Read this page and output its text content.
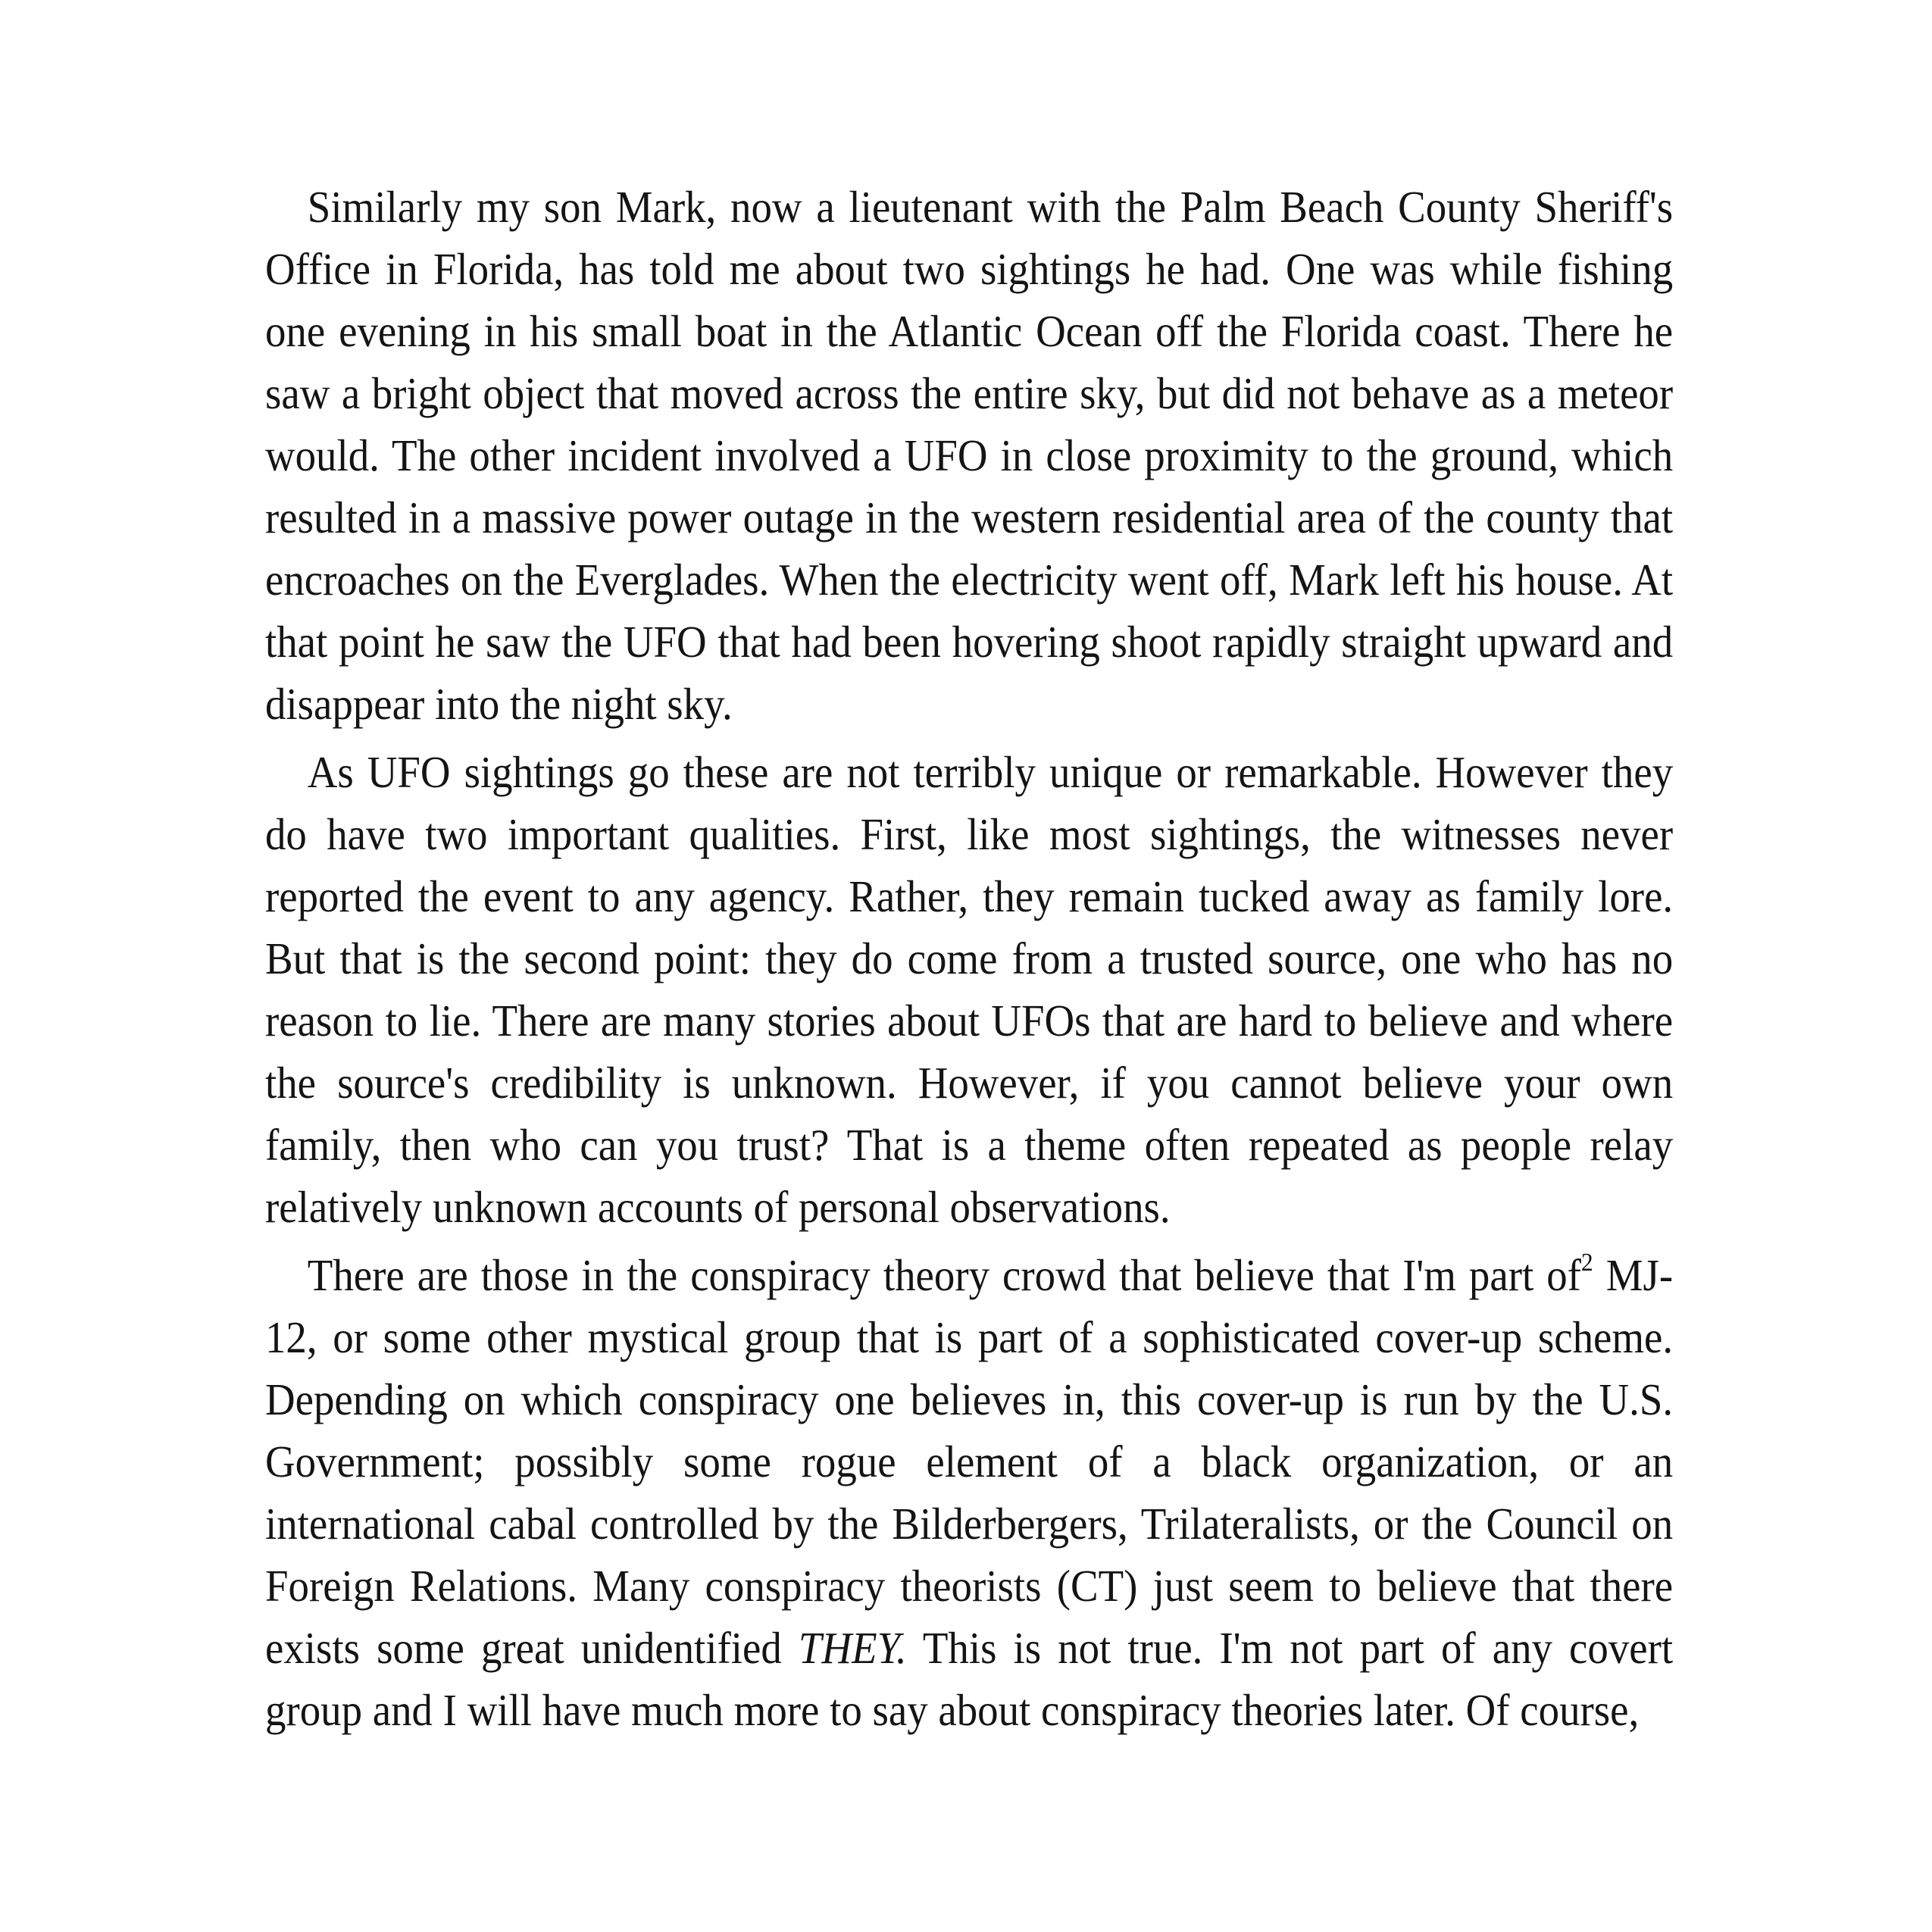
Similarly my son Mark, now a lieutenant with the Palm Beach County Sheriff's Office in Florida, has told me about two sightings he had. One was while fishing one evening in his small boat in the Atlantic Ocean off the Florida coast. There he saw a bright object that moved across the entire sky, but did not behave as a meteor would. The other incident involved a UFO in close proximity to the ground, which resulted in a massive power outage in the western residential area of the county that encroaches on the Everglades. When the electricity went off, Mark left his house. At that point he saw the UFO that had been hovering shoot rapidly straight upward and disappear into the night sky.

As UFO sightings go these are not terribly unique or remarkable. However they do have two important qualities. First, like most sightings, the witnesses never reported the event to any agency. Rather, they remain tucked away as family lore. But that is the second point: they do come from a trusted source, one who has no reason to lie. There are many stories about UFOs that are hard to believe and where the source's credibility is unknown. However, if you cannot believe your own family, then who can you trust? That is a theme often repeated as people relay relatively unknown accounts of personal observations.

There are those in the conspiracy theory crowd that believe that I'm part $of^2$ MJ-12, or some other mystical group that is part of a sophisticated cover-up scheme. Depending on which conspiracy one believes in, this cover-up is run by the U.S. Government; possibly some rogue element of a black organization, or an international cabal controlled by the Bilderbergers, Trilateralists, or the Council on Foreign Relations. Many conspiracy theorists (CT) just seem to believe that there exists some great unidentified THEY. This is not true. I'm not part of any covert group and I will have much more to say about conspiracy theories later. Of course,
